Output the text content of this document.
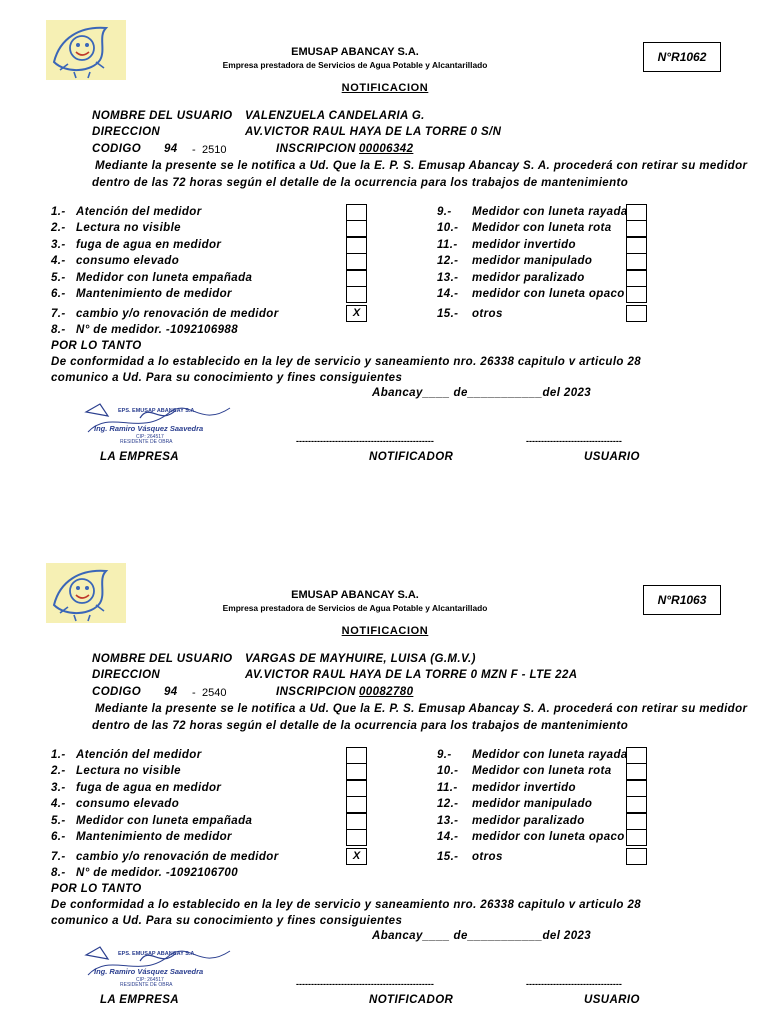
EMUSAP ABANCAY S.A.
Empresa prestadora de Servicios de Agua Potable y Alcantarillado
N°R1062
NOTIFICACION
NOMBRE DEL USUARIO VALENZUELA CANDELARIA G.
DIRECCION	AV.VICTOR RAUL HAYA DE LA TORRE 0 S/N
CODIGO 94 - 2510	INSCRIPCION 00006342
Mediante la presente se le notifica a Ud. Que la E. P. S. Emusap Abancay S. A. procederá con retirar su medidor
dentro de las 72 horas según el detalle de la ocurrencia para los trabajos de mantenimiento
1.- Atención del medidor
2.- Lectura no visible
3.- fuga de agua en medidor
4.- consumo elevado
5.- Medidor con luneta empañada
6.- Mantenimiento de medidor
7.- cambio y/o renovación de medidor	X
9.- Medidor con luneta rayada
10.- Medidor con luneta rota
11.- medidor invertido
12.- medidor manipulado
13.- medidor paralizado
14.- medidor con luneta opaco
15.- otros
8.- N° de medidor. -1092106988
POR LO TANTO
De conformidad a lo establecido en la ley de servicio y saneamiento nro. 26338 capitulo v articulo 28
comunico a Ud. Para su conocimiento y fines consiguientes
Abancay____ de___________del 2023
EPS. EMUSAP ABANCAY S.A.
Ing. Ramiro Vásquez Saavedra
CIP: 264517
RESIDENTE DE OBRA	----------------------------------------------	--------------------------------
LA EMPRESA	NOTIFICADOR	USUARIO
EMUSAP ABANCAY S.A.
Empresa prestadora de Servicios de Agua Potable y Alcantarillado
N°R1063
NOTIFICACION
NOMBRE DEL USUARIO VARGAS DE MAYHUIRE, LUISA (G.M.V.)
DIRECCION	AV.VICTOR RAUL HAYA DE LA TORRE 0 MZN F - LTE 22A
CODIGO 94 - 2540	INSCRIPCION 00082780
Mediante la presente se le notifica a Ud. Que la E. P. S. Emusap Abancay S. A. procederá con retirar su medidor
dentro de las 72 horas según el detalle de la ocurrencia para los trabajos de mantenimiento
1.- Atención del medidor
2.- Lectura no visible
3.- fuga de agua en medidor
4.- consumo elevado
5.- Medidor con luneta empañada
6.- Mantenimiento de medidor
7.- cambio y/o renovación de medidor	X
9.- Medidor con luneta rayada
10.- Medidor con luneta rota
11.- medidor invertido
12.- medidor manipulado
13.- medidor paralizado
14.- medidor con luneta opaco
15.- otros
8.- N° de medidor. -1092106700
POR LO TANTO
De conformidad a lo establecido en la ley de servicio y saneamiento nro. 26338 capitulo v articulo 28
comunico a Ud. Para su conocimiento y fines consiguientes
Abancay____ de___________del 2023
EPS. EMUSAP ABANCAY S.A.
Ing. Ramiro Vásquez Saavedra
CIP: 264517
RESIDENTE DE OBRA	----------------------------------------------	--------------------------------
LA EMPRESA	NOTIFICADOR	USUARIO
